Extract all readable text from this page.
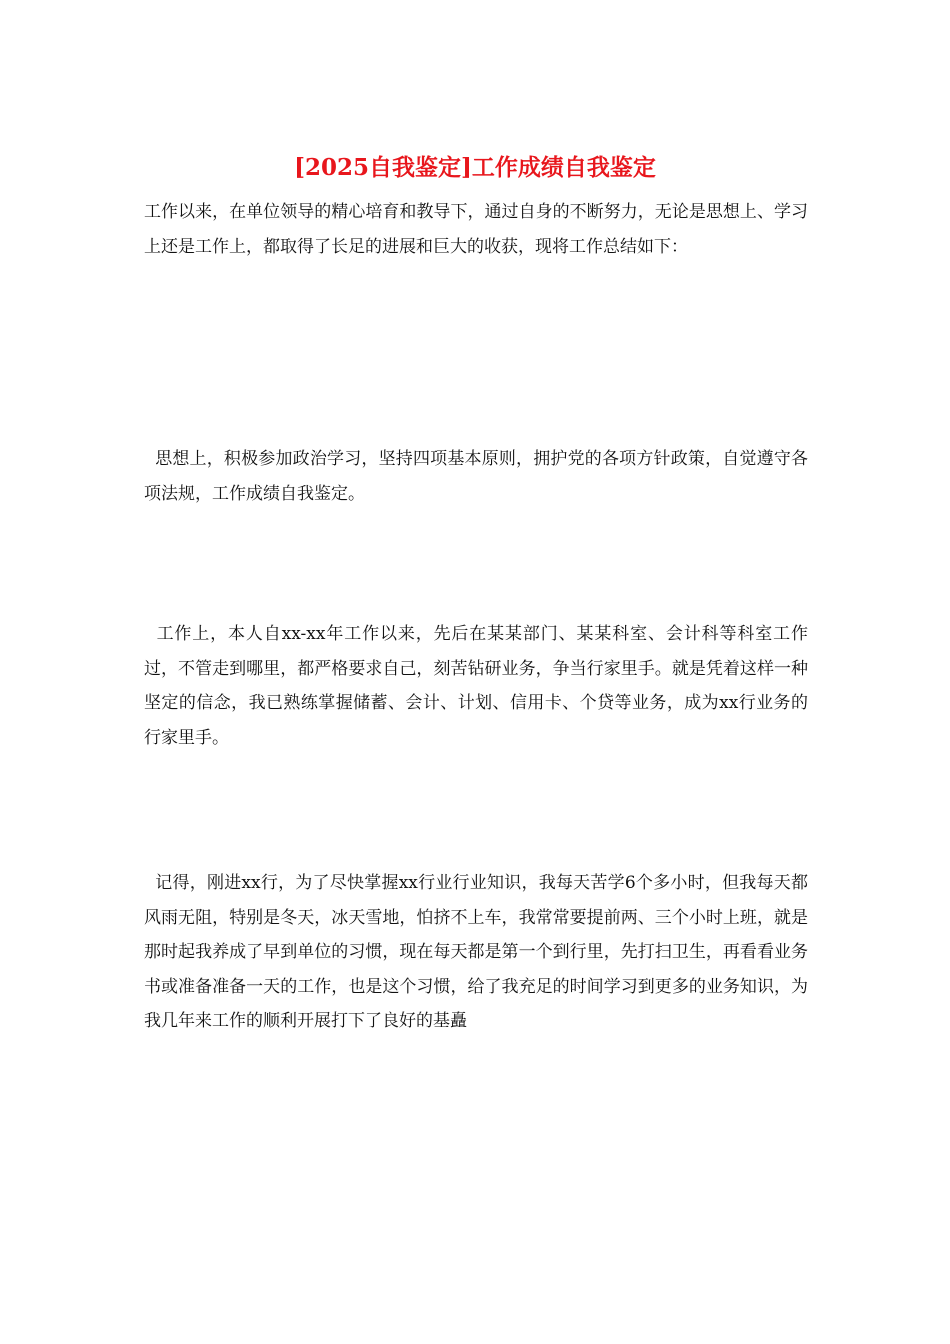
[2025自我鉴定]工作成绩自我鉴定

工作以来，在单位领导的精心培育和教导下，通过自身的不断努力，无论是思想上、学习上还是工作上，都取得了长足的进展和巨大的收获，现将工作总结如下：

思想上，积极参加政治学习，坚持四项基本原则，拥护党的各项方针政策，自觉遵守各项法规，工作成绩自我鉴定。

工作上，本人自xx-xx年工作以来，先后在某某部门、某某科室、会计科等科室工作过，不管走到哪里，都严格要求自己，刻苦钻研业务，争当行家里手。就是凭着这样一种坚定的信念，我已熟练掌握储蓄、会计、计划、信用卡、个贷等业务，成为xx行业务的行家里手。

记得，刚进xx行，为了尽快掌握xx行业行业知识，我每天苦学6个多小时，但我每天都风雨无阻，特别是冬天，冰天雪地，怕挤不上车，我常常要提前两、三个小时上班，就是那时起我养成了早到单位的习惯，现在每天都是第一个到行里，先打扫卫生，再看看业务书或准备准备一天的工作，也是这个习惯，给了我充足的时间学习到更多的业务知识，为我几年来工作的顺利开展打下了良好的基矗
